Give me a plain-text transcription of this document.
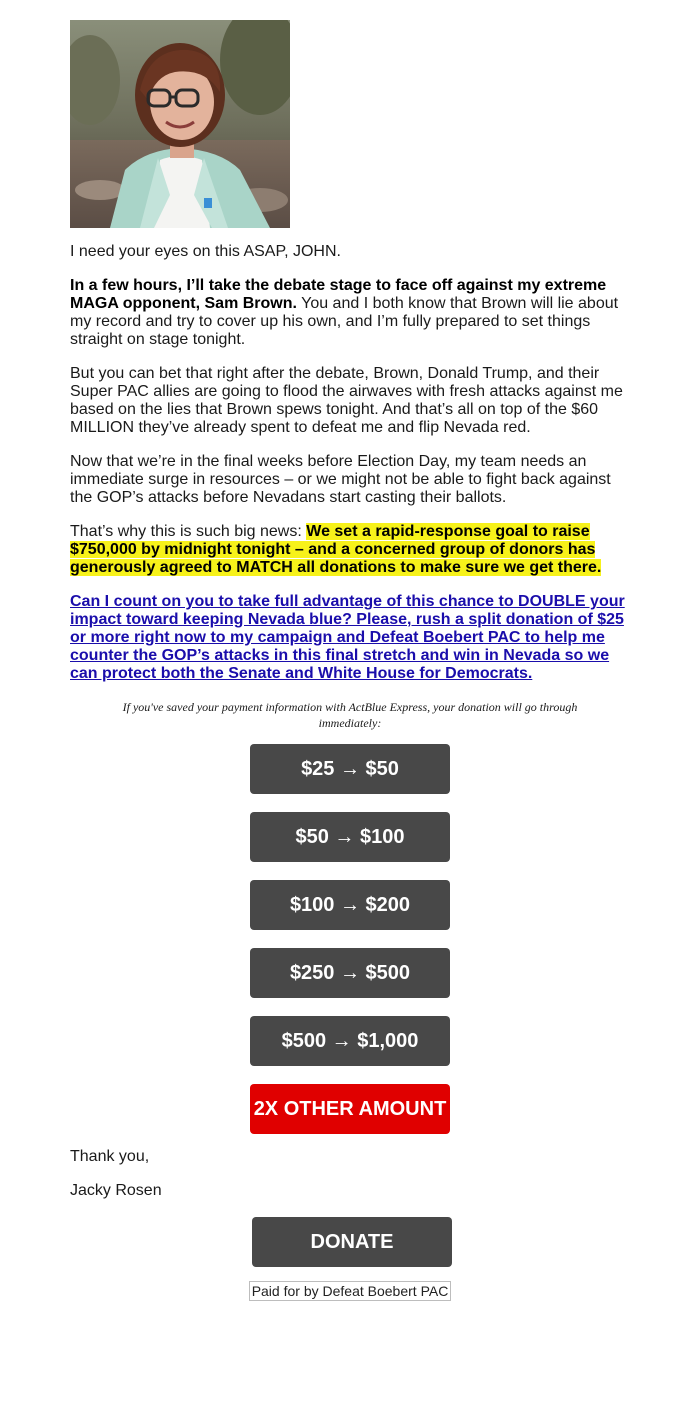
I need your eyes on this ASAP, JOHN.

In a few hours, I’ll take the debate stage to face off against my extreme MAGA opponent, Sam Brown. You and I both know that Brown will lie about my record and try to cover up his own, and I’m fully prepared to set things straight on stage tonight.

But you can bet that right after the debate, Brown, Donald Trump, and their Super PAC allies are going to flood the airwaves with fresh attacks against me based on the lies that Brown spews tonight. And that’s all on top of the $60 MILLION they’ve already spent to defeat me and flip Nevada red.

Now that we’re in the final weeks before Election Day, my team needs an immediate surge in resources – or we might not be able to fight back against the GOP’s attacks before Nevadans start casting their ballots.

That’s why this is such big news: We set a rapid-response goal to raise $750,000 by midnight tonight – and a concerned group of donors has generously agreed to MATCH all donations to make sure we get there.

Can I count on you to take full advantage of this chance to DOUBLE your impact toward keeping Nevada blue? Please, rush a split donation of $25 or more right now to my campaign and Defeat Boebert PAC to help me counter the GOP’s attacks in this final stretch and win in Nevada so we can protect both the Senate and White House for Democrats.
If you've saved your payment information with ActBlue Express, your donation will go through immediately:
$25 → $50
$50 → $100
$100 → $200
$250 → $500
$500 → $1,000
2X OTHER AMOUNT

Thank you,

Jacky Rosen

DONATE
Paid for by Defeat Boebert PAC
